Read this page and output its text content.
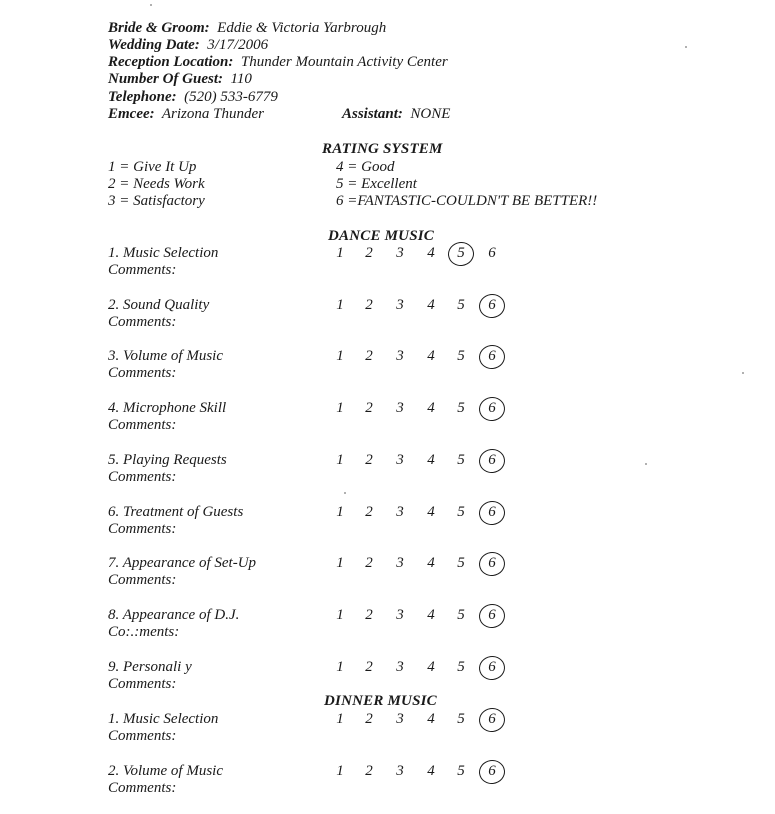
Bride & Groom: Eddie & Victoria Yarbrough
Wedding Date: 3/17/2006
Reception Location: Thunder Mountain Activity Center
Number Of Guest: 110
Telephone: (520) 533-6779
Emcee: Arizona Thunder	Assistant: NONE
RATING SYSTEM
1 = Give It Up
2 = Needs Work
3 = Satisfactory
4 = Good
5 = Excellent
6 =FANTASTIC-COULDN'T BE BETTER!!
DANCE MUSIC
DINNER MUSIC
1. Music Selection
Comments:
1 2 3 4 5 6
2. Sound Quality
Comments:
1 2 3 4 5 6
3. Volume of Music
Comments:
1 2 3 4 5 6
4. Microphone Skill
Comments:
1 2 3 4 5 6
5. Playing Requests
Comments:
1 2 3 4 5 6
6. Treatment of Guests
Comments:
1 2 3 4 5 6
7. Appearance of Set-Up
Comments:
1 2 3 4 5 6
8. Appearance of D.J.
Co:.:ments:
1 2 3 4 5 6
9. Personali y
Comments:
1 2 3 4 5 6
1. Music Selection
Comments:
1 2 3 4 5 6
2. Volume of Music
Comments:
1 2 3 4 5 6
